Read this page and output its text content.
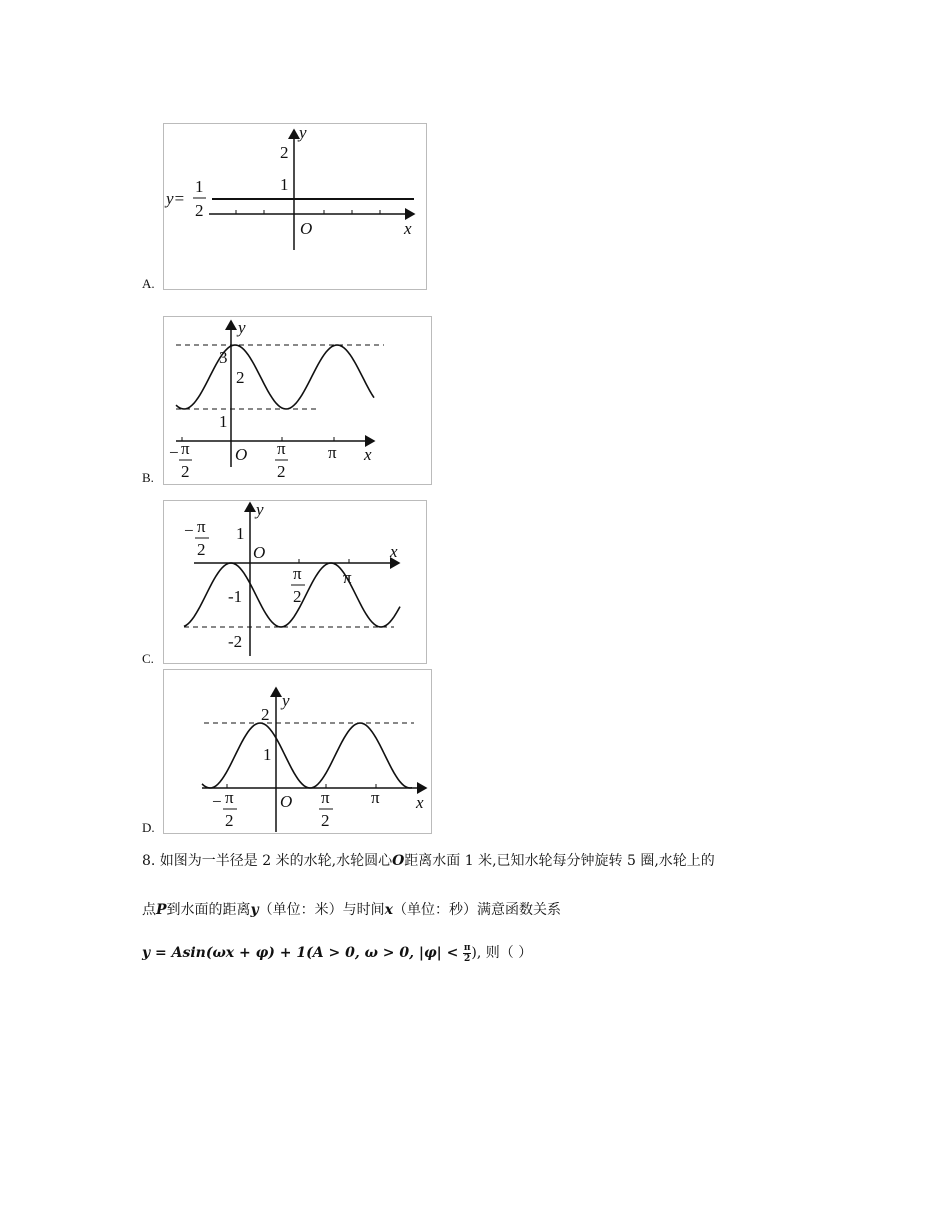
A.
2
1
y
x
O
y=
1
2
B.
3
2
1
y
x
O
− π
2
π
2
π
C.
1
-1
-2
y
x
O
− π
2
π
2
π
D.
2
1
y
x
O
− π
2
π
2
π
8. 如图为一半径是 2 米的水轮,水轮圆心O距离水面 1 米,已知水轮每分钟旋转 5 圈,水轮上的
点P到水面的距离y（单位：米）与时间x（单位：秒）满意函数关系
y = Asin(ωx + φ) + 1(A > 0, ω > 0, $|\varphi| < \frac{\pi}{2}$ ), 则（ ）
